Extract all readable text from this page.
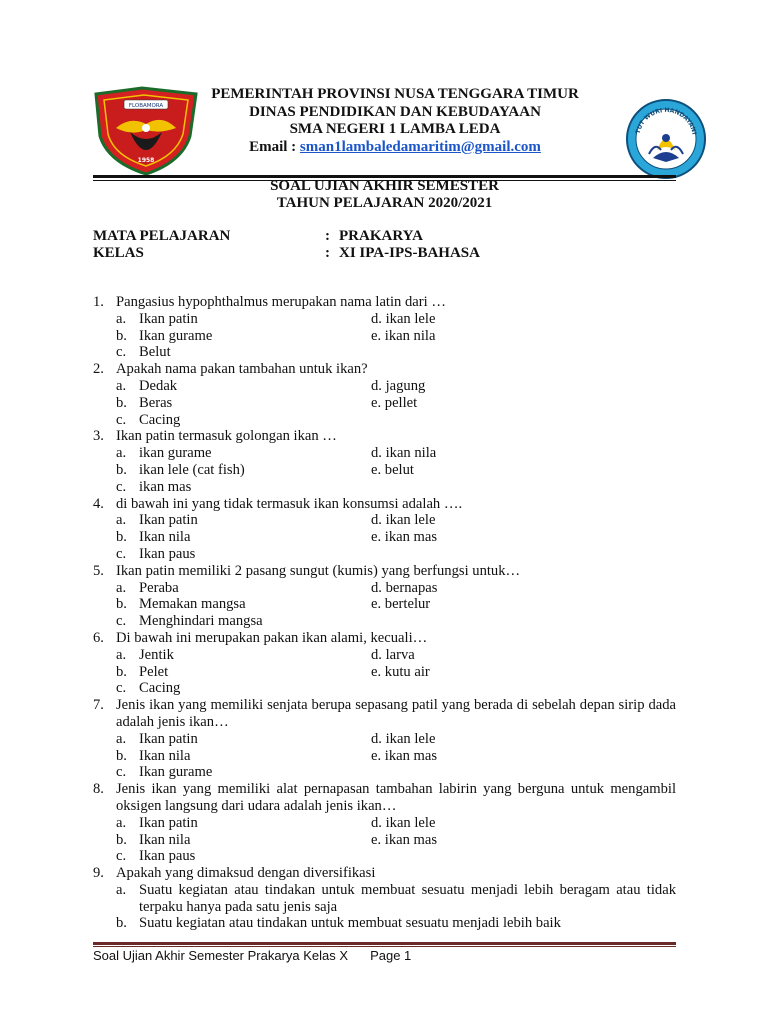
FLOBAMORA
1958
PEMERINTAH PROVINSI NUSA TENGGARA TIMUR
DINAS PENDIDIKAN DAN KEBUDAYAAN
SMA NEGERI 1 LAMBA LEDA
Email : sman1lambaledamaritim@gmail.com
TUT WURI HANDAYANI
SOAL UJIAN AKHIR SEMESTER
TAHUN PELAJARAN 2020/2021
MATA PELAJARAN	: PRAKARYA
KELAS	: XI IPA-IPS-BAHASA
1. Pangasius hypophthalmus merupakan nama latin dari …
a. Ikan patin	d. ikan lele
b. Ikan gurame	e. ikan nila
c. Belut
2. Apakah nama pakan tambahan untuk ikan?
a. Dedak	d. jagung
b. Beras	e. pellet
c. Cacing
3. Ikan patin termasuk golongan ikan …
a. ikan gurame	d. ikan nila
b. ikan lele (cat fish)	e. belut
c. ikan mas
4. di bawah ini yang tidak termasuk ikan konsumsi adalah ….
a. Ikan patin	d. ikan lele
b. Ikan nila	e. ikan mas
c. Ikan paus
5. Ikan patin memiliki 2 pasang sungut (kumis) yang berfungsi untuk…
a. Peraba	d. bernapas
b. Memakan mangsa	e. bertelur
c. Menghindari mangsa
6. Di bawah ini merupakan pakan ikan alami, kecuali…
a. Jentik	d. larva
b. Pelet	e. kutu air
c. Cacing
7. Jenis ikan yang memiliki senjata berupa sepasang patil yang berada di sebelah depan sirip dada adalah jenis ikan…
a. Ikan patin	d. ikan lele
b. Ikan nila	e. ikan mas
c. Ikan gurame
8. Jenis ikan yang memiliki alat pernapasan tambahan labirin yang berguna untuk mengambil oksigen langsung dari udara adalah jenis ikan…
a. Ikan patin	d. ikan lele
b. Ikan nila	e. ikan mas
c. Ikan paus
9. Apakah yang dimaksud dengan diversifikasi
a. Suatu kegiatan atau tindakan untuk membuat sesuatu menjadi lebih beragam atau tidak terpaku hanya pada satu jenis saja
b. Suatu kegiatan atau tindakan untuk membuat sesuatu menjadi lebih baik
Soal Ujian Akhir Semester Prakarya Kelas X Page 1
